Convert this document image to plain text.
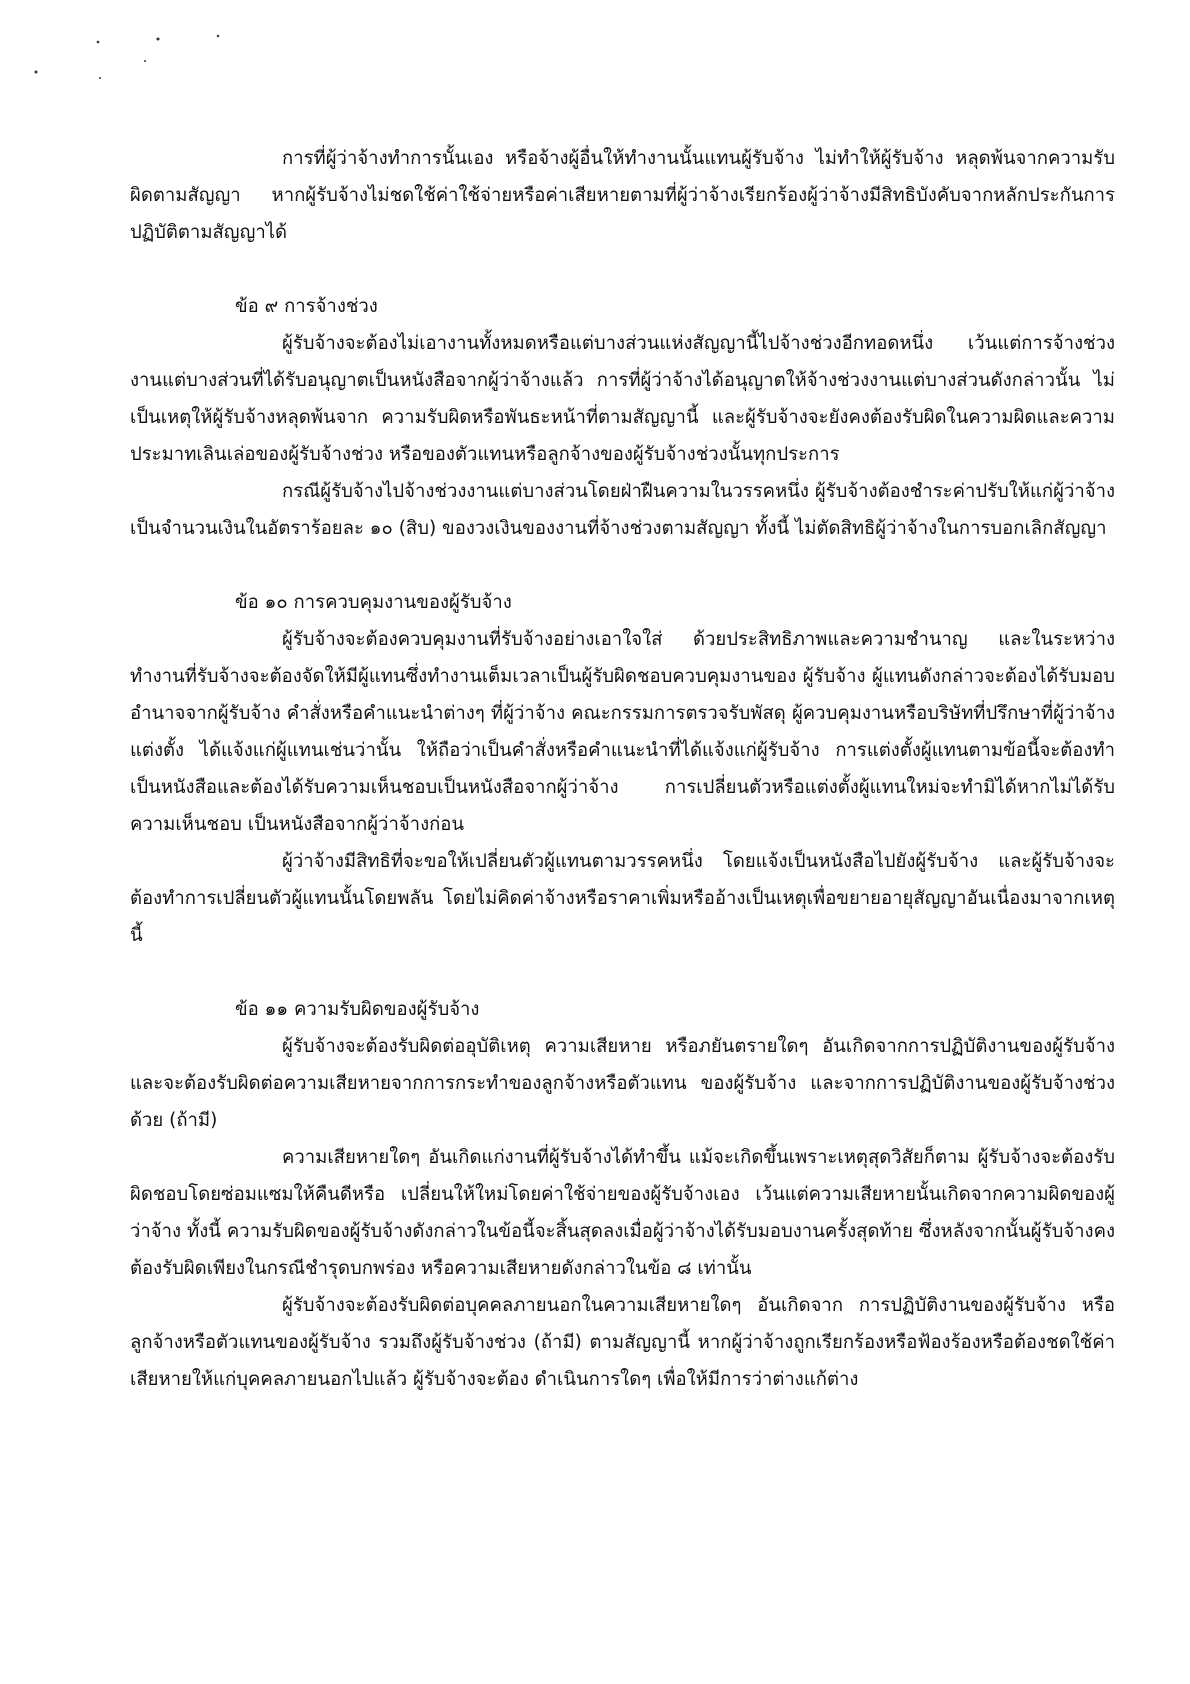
การที่ผู้ว่าจ้างทำการนั้นเอง หรือจ้างผู้อื่นให้ทำงานนั้นแทนผู้รับจ้าง ไม่ทำให้ผู้รับจ้าง หลุดพ้นจากความรับผิดตามสัญญา หากผู้รับจ้างไม่ชดใช้ค่าใช้จ่ายหรือค่าเสียหายตามที่ผู้ว่าจ้างเรียกร้องผู้ว่าจ้างมีสิทธิบังคับจากหลักประกันการปฏิบัติตามสัญญาได้

ข้อ ๙ การจ้างช่วง

ผู้รับจ้างจะต้องไม่เอางานทั้งหมดหรือแต่บางส่วนแห่งสัญญานี้ไปจ้างช่วงอีกทอดหนึ่ง เว้นแต่การจ้างช่วงงานแต่บางส่วนที่ได้รับอนุญาตเป็นหนังสือจากผู้ว่าจ้างแล้ว การที่ผู้ว่าจ้างได้อนุญาตให้จ้างช่วงงานแต่บางส่วนดังกล่าวนั้น ไม่เป็นเหตุให้ผู้รับจ้างหลุดพ้นจาก ความรับผิดหรือพันธะหน้าที่ตามสัญญานี้ และผู้รับจ้างจะยังคงต้องรับผิดในความผิดและความประมาทเลินเล่อของผู้รับจ้างช่วง หรือของตัวแทนหรือลูกจ้างของผู้รับจ้างช่วงนั้นทุกประการ

กรณีผู้รับจ้างไปจ้างช่วงงานแต่บางส่วนโดยฝ่าฝืนความในวรรคหนึ่ง ผู้รับจ้างต้องชำระค่าปรับให้แก่ผู้ว่าจ้างเป็นจำนวนเงินในอัตราร้อยละ ๑๐ (สิบ) ของวงเงินของงานที่จ้างช่วงตามสัญญา ทั้งนี้ ไม่ตัดสิทธิผู้ว่าจ้างในการบอกเลิกสัญญา

ข้อ ๑๐ การควบคุมงานของผู้รับจ้าง

ผู้รับจ้างจะต้องควบคุมงานที่รับจ้างอย่างเอาใจใส่ ด้วยประสิทธิภาพและความชำนาญ และในระหว่างทำงานที่รับจ้างจะต้องจัดให้มีผู้แทนซึ่งทำงานเต็มเวลาเป็นผู้รับผิดชอบควบคุมงานของ ผู้รับจ้าง ผู้แทนดังกล่าวจะต้องได้รับมอบอำนาจจากผู้รับจ้าง คำสั่งหรือคำแนะนำต่างๆ ที่ผู้ว่าจ้าง คณะกรรมการตรวจรับพัสดุ ผู้ควบคุมงานหรือบริษัทที่ปรึกษาที่ผู้ว่าจ้างแต่งตั้ง ได้แจ้งแก่ผู้แทนเช่นว่านั้น ให้ถือว่าเป็นคำสั่งหรือคำแนะนำที่ได้แจ้งแก่ผู้รับจ้าง การแต่งตั้งผู้แทนตามข้อนี้จะต้องทำเป็นหนังสือและต้องได้รับความเห็นชอบเป็นหนังสือจากผู้ว่าจ้าง การเปลี่ยนตัวหรือแต่งตั้งผู้แทนใหม่จะทำมิได้หากไม่ได้รับความเห็นชอบ เป็นหนังสือจากผู้ว่าจ้างก่อน

ผู้ว่าจ้างมีสิทธิที่จะขอให้เปลี่ยนตัวผู้แทนตามวรรคหนึ่ง โดยแจ้งเป็นหนังสือไปยังผู้รับจ้าง และผู้รับจ้างจะต้องทำการเปลี่ยนตัวผู้แทนนั้นโดยพลัน โดยไม่คิดค่าจ้างหรือราคาเพิ่มหรืออ้างเป็นเหตุเพื่อขยายอายุสัญญาอันเนื่องมาจากเหตุนี้

ข้อ ๑๑ ความรับผิดของผู้รับจ้าง

ผู้รับจ้างจะต้องรับผิดต่ออุบัติเหตุ ความเสียหาย หรือภยันตรายใดๆ อันเกิดจากการปฏิบัติงานของผู้รับจ้าง และจะต้องรับผิดต่อความเสียหายจากการกระทำของลูกจ้างหรือตัวแทน ของผู้รับจ้าง และจากการปฏิบัติงานของผู้รับจ้างช่วงด้วย (ถ้ามี)

ความเสียหายใดๆ อันเกิดแก่งานที่ผู้รับจ้างได้ทำขึ้น แม้จะเกิดขึ้นเพราะเหตุสุดวิสัยก็ตาม ผู้รับจ้างจะต้องรับผิดชอบโดยซ่อมแซมให้คืนดีหรือ เปลี่ยนให้ใหม่โดยค่าใช้จ่ายของผู้รับจ้างเอง เว้นแต่ความเสียหายนั้นเกิดจากความผิดของผู้ว่าจ้าง ทั้งนี้ ความรับผิดของผู้รับจ้างดังกล่าวในข้อนี้จะสิ้นสุดลงเมื่อผู้ว่าจ้างได้รับมอบงานครั้งสุดท้าย ซึ่งหลังจากนั้นผู้รับจ้างคงต้องรับผิดเพียงในกรณีชำรุดบกพร่อง หรือความเสียหายดังกล่าวในข้อ ๘ เท่านั้น

ผู้รับจ้างจะต้องรับผิดต่อบุคคลภายนอกในความเสียหายใดๆ อันเกิดจาก การปฏิบัติงานของผู้รับจ้าง หรือลูกจ้างหรือตัวแทนของผู้รับจ้าง รวมถึงผู้รับจ้างช่วง (ถ้ามี) ตามสัญญานี้ หากผู้ว่าจ้างถูกเรียกร้องหรือฟ้องร้องหรือต้องชดใช้ค่าเสียหายให้แก่บุคคลภายนอกไปแล้ว ผู้รับจ้างจะต้อง ดำเนินการใดๆ เพื่อให้มีการว่าต่างแก้ต่าง
